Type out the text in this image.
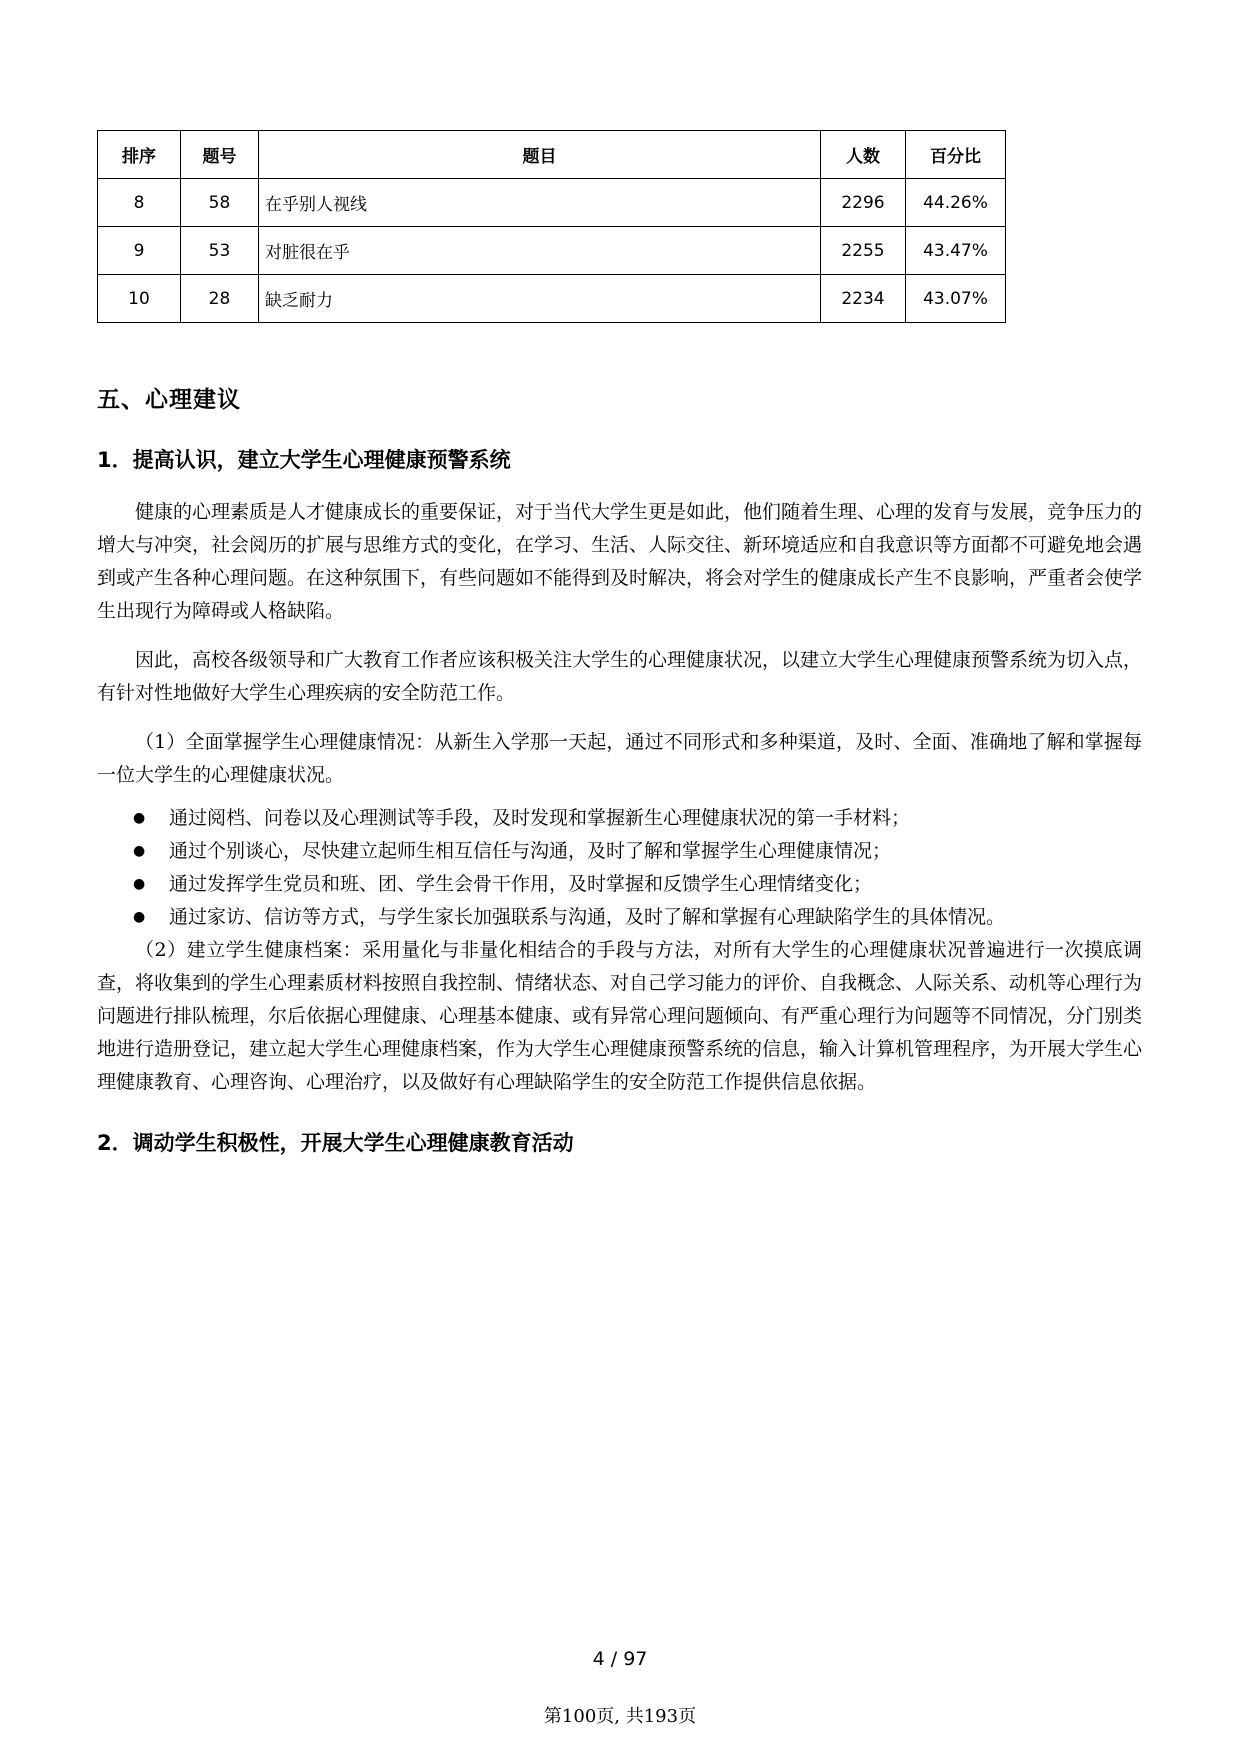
排序	题号	题目	人数	百分比
8	58	在乎别人视线	2296	44.26%
9	53	对脏很在乎	2255	43.47%
10	28	缺乏耐力	2234	43.07%
五、心理建议
1．提高认识，建立大学生心理健康预警系统

健康的心理素质是人才健康成长的重要保证，对于当代大学生更是如此，他们随着生理、心理的发育与发展，竞争压力的增大与冲突，社会阅历的扩展与思维方式的变化，在学习、生活、人际交往、新环境适应和自我意识等方面都不可避免地会遇到或产生各种心理问题。在这种氛围下，有些问题如不能得到及时解决，将会对学生的健康成长产生不良影响，严重者会使学生出现行为障碍或人格缺陷。

因此，高校各级领导和广大教育工作者应该积极关注大学生的心理健康状况，以建立大学生心理健康预警系统为切入点，有针对性地做好大学生心理疾病的安全防范工作。

（1）全面掌握学生心理健康情况：从新生入学那一天起，通过不同形式和多种渠道，及时、全面、准确地了解和掌握每一位大学生的心理健康状况。

● 通过阅档、问卷以及心理测试等手段，及时发现和掌握新生心理健康状况的第一手材料；
● 通过个别谈心，尽快建立起师生相互信任与沟通，及时了解和掌握学生心理健康情况；
● 通过发挥学生党员和班、团、学生会骨干作用，及时掌握和反馈学生心理情绪变化；
● 通过家访、信访等方式，与学生家长加强联系与沟通，及时了解和掌握有心理缺陷学生的具体情况。

（2）建立学生健康档案：采用量化与非量化相结合的手段与方法，对所有大学生的心理健康状况普遍进行一次摸底调查，将收集到的学生心理素质材料按照自我控制、情绪状态、对自己学习能力的评价、自我概念、人际关系、动机等心理行为问题进行排队梳理，尔后依据心理健康、心理基本健康、或有异常心理问题倾向、有严重心理行为问题等不同情况，分门别类地进行造册登记，建立起大学生心理健康档案，作为大学生心理健康预警系统的信息，输入计算机管理程序，为开展大学生心理健康教育、心理咨询、心理治疗，以及做好有心理缺陷学生的安全防范工作提供信息依据。

2．调动学生积极性，开展大学生心理健康教育活动
4 / 97
第100页, 共193页
